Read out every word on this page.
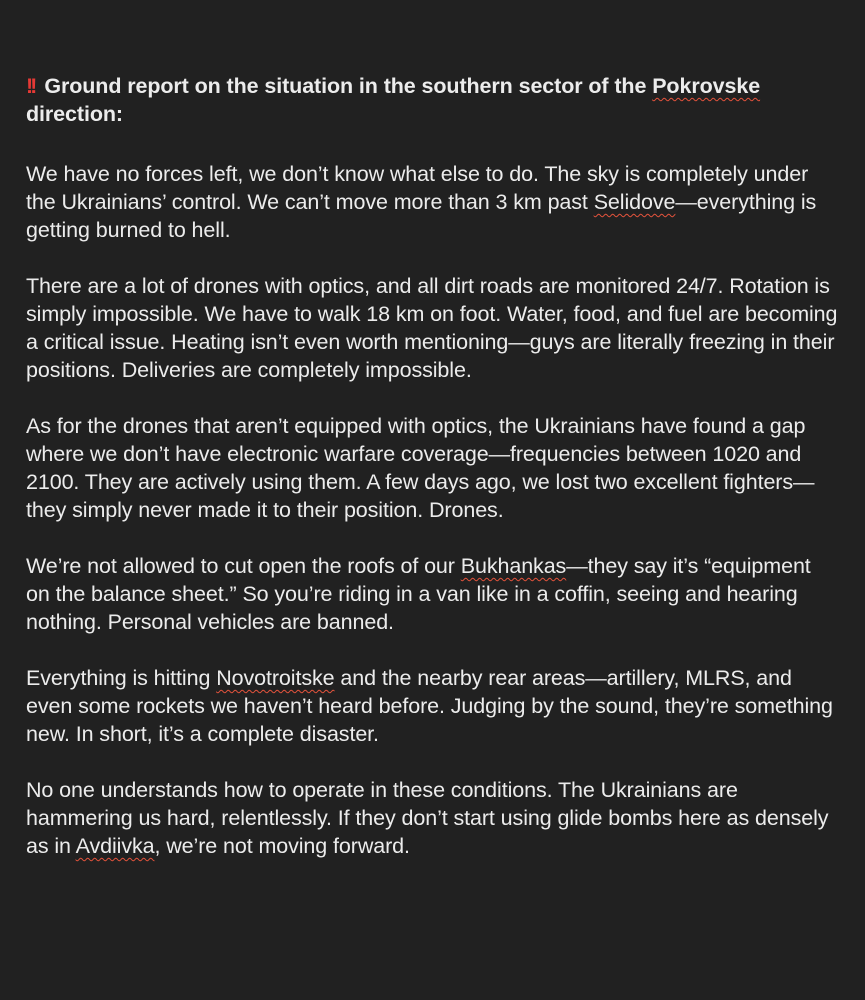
!! Ground report on the situation in the southern sector of the Pokrovske direction:
We have no forces left, we don’t know what else to do. The sky is completely under the Ukrainians’ control. We can’t move more than 3 km past Selidove—everything is getting burned to hell.
There are a lot of drones with optics, and all dirt roads are monitored 24/7. Rotation is simply impossible. We have to walk 18 km on foot. Water, food, and fuel are becoming a critical issue. Heating isn’t even worth mentioning—guys are literally freezing in their positions. Deliveries are completely impossible.
As for the drones that aren’t equipped with optics, the Ukrainians have found a gap where we don’t have electronic warfare coverage—frequencies between 1020 and 2100. They are actively using them. A few days ago, we lost two excellent fighters—they simply never made it to their position. Drones.
We’re not allowed to cut open the roofs of our Bukhankas—they say it’s “equipment on the balance sheet.” So you’re riding in a van like in a coffin, seeing and hearing nothing. Personal vehicles are banned.
Everything is hitting Novotroitske and the nearby rear areas—artillery, MLRS, and even some rockets we haven’t heard before. Judging by the sound, they’re something new. In short, it’s a complete disaster.
No one understands how to operate in these conditions. The Ukrainians are hammering us hard, relentlessly. If they don’t start using glide bombs here as densely as in Avdiivka, we’re not moving forward.
